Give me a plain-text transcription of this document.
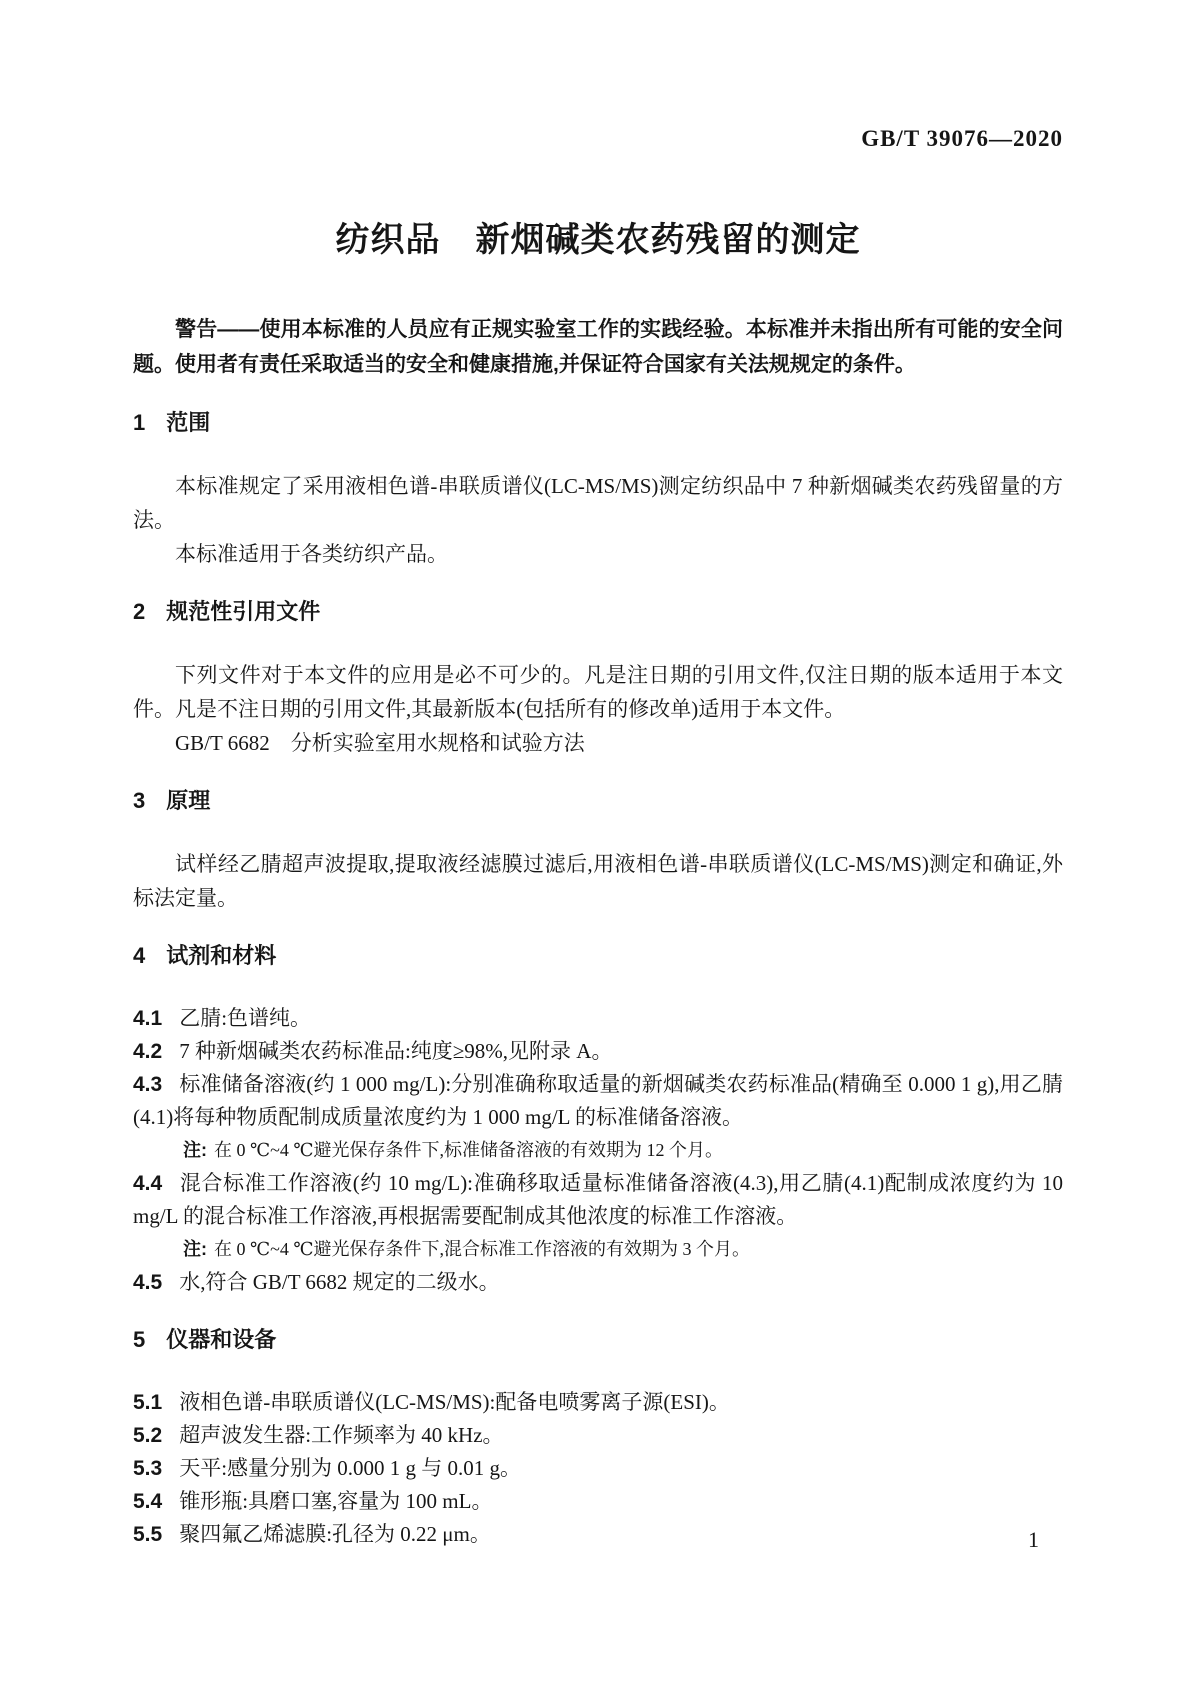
GB/T 39076—2020
纺织品　新烟碱类农药残留的测定

警告——使用本标准的人员应有正规实验室工作的实践经验。本标准并未指出所有可能的安全问题。使用者有责任采取适当的安全和健康措施,并保证符合国家有关法规规定的条件。

1 范围

本标准规定了采用液相色谱-串联质谱仪(LC-MS/MS)测定纺织品中 7 种新烟碱类农药残留量的方法。

本标准适用于各类纺织产品。

2 规范性引用文件

下列文件对于本文件的应用是必不可少的。凡是注日期的引用文件,仅注日期的版本适用于本文件。凡是不注日期的引用文件,其最新版本(包括所有的修改单)适用于本文件。

GB/T 6682　分析实验室用水规格和试验方法

3 原理

试样经乙腈超声波提取,提取液经滤膜过滤后,用液相色谱-串联质谱仪(LC-MS/MS)测定和确证,外标法定量。

4 试剂和材料

4.1 乙腈:色谱纯。

4.2 7 种新烟碱类农药标准品:纯度≥98%,见附录 A。

4.3 标准储备溶液(约 1 000 mg/L):分别准确称取适量的新烟碱类农药标准品(精确至 0.000 1 g),用乙腈(4.1)将每种物质配制成质量浓度约为 1 000 mg/L 的标准储备溶液。

注: 在 0 ℃~4 ℃避光保存条件下,标准储备溶液的有效期为 12 个月。

4.4 混合标准工作溶液(约 10 mg/L):准确移取适量标准储备溶液(4.3),用乙腈(4.1)配制成浓度约为 10 mg/L 的混合标准工作溶液,再根据需要配制成其他浓度的标准工作溶液。

注: 在 0 ℃~4 ℃避光保存条件下,混合标准工作溶液的有效期为 3 个月。

4.5 水,符合 GB/T 6682 规定的二级水。

5 仪器和设备

5.1 液相色谱-串联质谱仪(LC-MS/MS):配备电喷雾离子源(ESI)。

5.2 超声波发生器:工作频率为 40 kHz。

5.3 天平:感量分别为 0.000 1 g 与 0.01 g。

5.4 锥形瓶:具磨口塞,容量为 100 mL。

5.5 聚四氟乙烯滤膜:孔径为 0.22 μm。	1
